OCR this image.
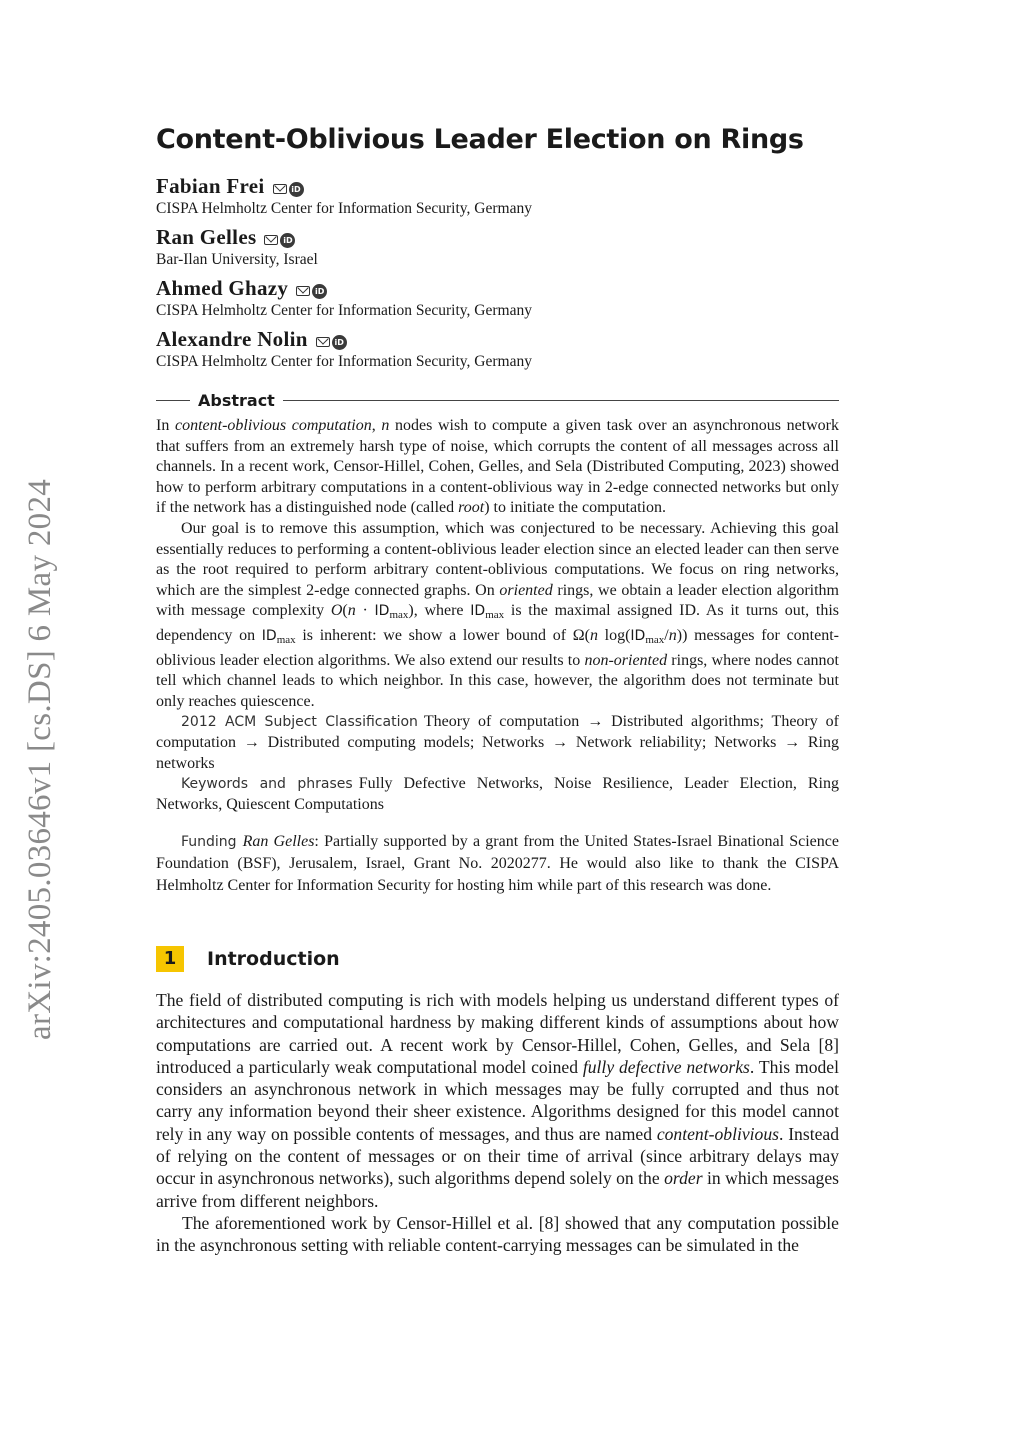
arXiv:2405.03646v1 [cs.DS] 6 May 2024
Content-Oblivious Leader Election on Rings
Fabian Frei	iD
CISPA Helmholtz Center for Information Security, Germany
Ran Gelles	iD
Bar-Ilan University, Israel
Ahmed Ghazy	iD
CISPA Helmholtz Center for Information Security, Germany
Alexandre Nolin	iD
CISPA Helmholtz Center for Information Security, Germany
Abstract

In content-oblivious computation, n nodes wish to compute a given task over an asynchronous network that suffers from an extremely harsh type of noise, which corrupts the content of all messages across all channels. In a recent work, Censor-Hillel, Cohen, Gelles, and Sela (Distributed Computing, 2023) showed how to perform arbitrary computations in a content-oblivious way in 2-edge connected networks but only if the network has a distinguished node (called root) to initiate the computation.

Our goal is to remove this assumption, which was conjectured to be necessary. Achieving this goal essentially reduces to performing a content-oblivious leader election since an elected leader can then serve as the root required to perform arbitrary content-oblivious computations. We focus on ring networks, which are the simplest 2-edge connected graphs. On oriented rings, we obtain a leader election algorithm with message complexity $O(n \cdot ID_{max})$, where $ID_{max}$ is the maximal assigned ID. As it turns out, this dependency on $ID_{max}$ is inherent: we show a lower bound of Ω(n $\log(ID_{max}/n)$) messages for content-oblivious leader election algorithms. We also extend our results to non-oriented rings, where nodes cannot tell which channel leads to which neighbor. In this case, however, the algorithm does not terminate but only reaches quiescence.

2012 ACM Subject Classification Theory of computation → Distributed algorithms; Theory of computation → Distributed computing models; Networks → Network reliability; Networks → Ring networks

Keywords and phrases Fully Defective Networks, Noise Resilience, Leader Election, Ring Networks, Quiescent Computations

Funding Ran Gelles: Partially supported by a grant from the United States-Israel Binational Science Foundation (BSF), Jerusalem, Israel, Grant No. 2020277. He would also like to thank the CISPA Helmholtz Center for Information Security for hosting him while part of this research was done.

1	Introduction

The field of distributed computing is rich with models helping us understand different types of architectures and computational hardness by making different kinds of assumptions about how computations are carried out. A recent work by Censor-Hillel, Cohen, Gelles, and Sela [8] introduced a particularly weak computational model coined fully defective networks. This model considers an asynchronous network in which messages may be fully corrupted and thus not carry any information beyond their sheer existence. Algorithms designed for this model cannot rely in any way on possible contents of messages, and thus are named content-oblivious. Instead of relying on the content of messages or on their time of arrival (since arbitrary delays may occur in asynchronous networks), such algorithms depend solely on the order in which messages arrive from different neighbors.

The aforementioned work by Censor-Hillel et al. [8] showed that any computation possible in the asynchronous setting with reliable content-carrying messages can be simulated in the
